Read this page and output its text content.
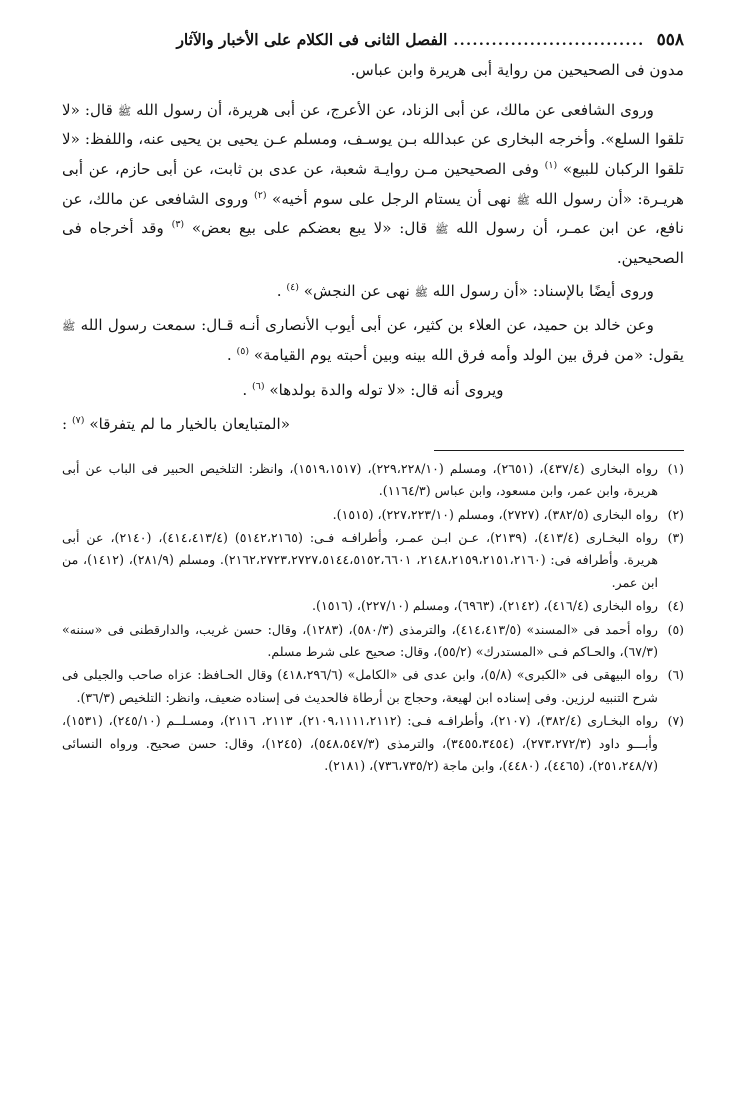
٥٥٨
..............................
الفصل الثانى فى الكلام على الأخبار والآثار

مدون فى الصحيحين من رواية أبى هريرة وابن عباس.

وروى الشافعى عن مالك، عن أبى الزناد، عن الأعرج، عن أبى هريرة، أن رسول الله ﷺ قال: «لا تلقوا السلع». وأخرجه البخارى عن عبدالله بـن يوسـف، ومسلم عـن يحيى بن يحيى عنه، واللفظ: «لا تلقوا الركبان للبيع» $^{(١)}$ وفى الصحيحين مـن روايـة شعبة، عن عدى بن ثابت، عن أبى حازم، عن أبى هريـرة: «أن رسول الله ﷺ نهى أن يستام الرجل على سوم أخيه» $^{(٢)}$ وروى الشافعى عن مالك، عن نافع، عن ابن عمـر، أن رسول الله ﷺ قال: «لا يبع بعضكم على بيع بعض» $^{(٣)}$ وقد أخرجاه فى الصحيحين.

وروى أيضًا بالإسناد: «أن رسول الله ﷺ نهى عن النجش» $^{(٤)}$ .

وعن خالد بن حميد، عن العلاء بن كثير، عن أبى أيوب الأنصارى أنـه قـال: سمعت رسول الله ﷺ يقول: «من فرق بين الولد وأمه فرق الله بينه وبين أحبته يوم القيامة» $^{(٥)}$ .

ويروى أنه قال: «لا توله والدة بولدها» $^{(٦)}$ .

«المتبايعان بالخيار ما لم يتفرقا» $^{(٧)}$ :

(١)
رواه البخارى (٤٣٧/٤)، (٢٦٥١)، ومسلم (٢٢٩،٢٢٨/١٠)، (١٥١٩،١٥١٧)، وانظر: التلخيص الحبير فى الباب عن أبى هريرة، وابن عمر، وابن مسعود، وابن عباس (١١٦٤/٣).
(٢)
رواه البخارى (٣٨٢/٥)، (٢٧٢٧)، ومسلم (٢٢٧،٢٢٣/١٠)، (١٥١٥).
(٣)
رواه البخـارى (٤١٣/٤)، (٢١٣٩)، عـن ابـن عمـر، وأطرافـه فـى: (٥١٤٢،٢١٦٥) (٤١٤،٤١٣/٤)، (٢١٤٠)، عن أبى هريرة. وأطرافه فى: (٢١٤٨،٢١٥٩،٢١٥١،٢١٦٠، ٢١٦٢،٢٧٢٣،٢٧٢٧،٥١٤٤،٥١٥٢،٦٦٠١). ومسلم (٢٨١/٩)، (١٤١٢)، من ابن عمر.
(٤)
رواه البخارى (٤١٦/٤)، (٢١٤٢)، (٦٩٦٣)، ومسلم (٢٢٧/١٠)، (١٥١٦).
(٥)
رواه أحمد فى «المسند» (٤١٤،٤١٣/٥)، والترمذى (٥٨٠/٣)، (١٢٨٣)، وقال: حسن غريب، والدارقطنى فى «سننه» (٦٧/٣)، والحـاكم فـى «المستدرك» (٥٥/٢)، وقال: صحيح على شرط مسلم.
(٦)
رواه البيهقى فى «الكبرى» (٥/٨)، وابن عدى فى «الكامل» (٤١٨،٢٩٦/٦) وقال الحـافظ: عزاه صاحب والجيلى فى شرح التنبيه لرزين. وفى إسناده ابن لهيعة، وحجاج بن أرطاة فالحديث فى إسناده ضعيف، وانظر: التلخيص (٣٦/٣).
(٧)
رواه البخـارى (٣٨٢/٤)، (٢١٠٧)، وأطرافـه فـى: (٢١٠٩،١١١١،٢١١٢)، ٢١١٣، ٢١١٦)، ومسـلــم (٢٤٥/١٠)، (١٥٣١)، وأبـــو داود (٢٧٣،٢٧٢/٣)، (٣٤٥٥،٣٤٥٤)، والترمذى (٥٤٨،٥٤٧/٣)، (١٢٤٥)، وقال: حسن صحيح. ورواه النسائى (٢٥١،٢٤٨/٧)، (٤٤٦٥)، (٤٤٨٠)، وابن ماجة (٧٣٦،٧٣٥/٢)، (٢١٨١).
